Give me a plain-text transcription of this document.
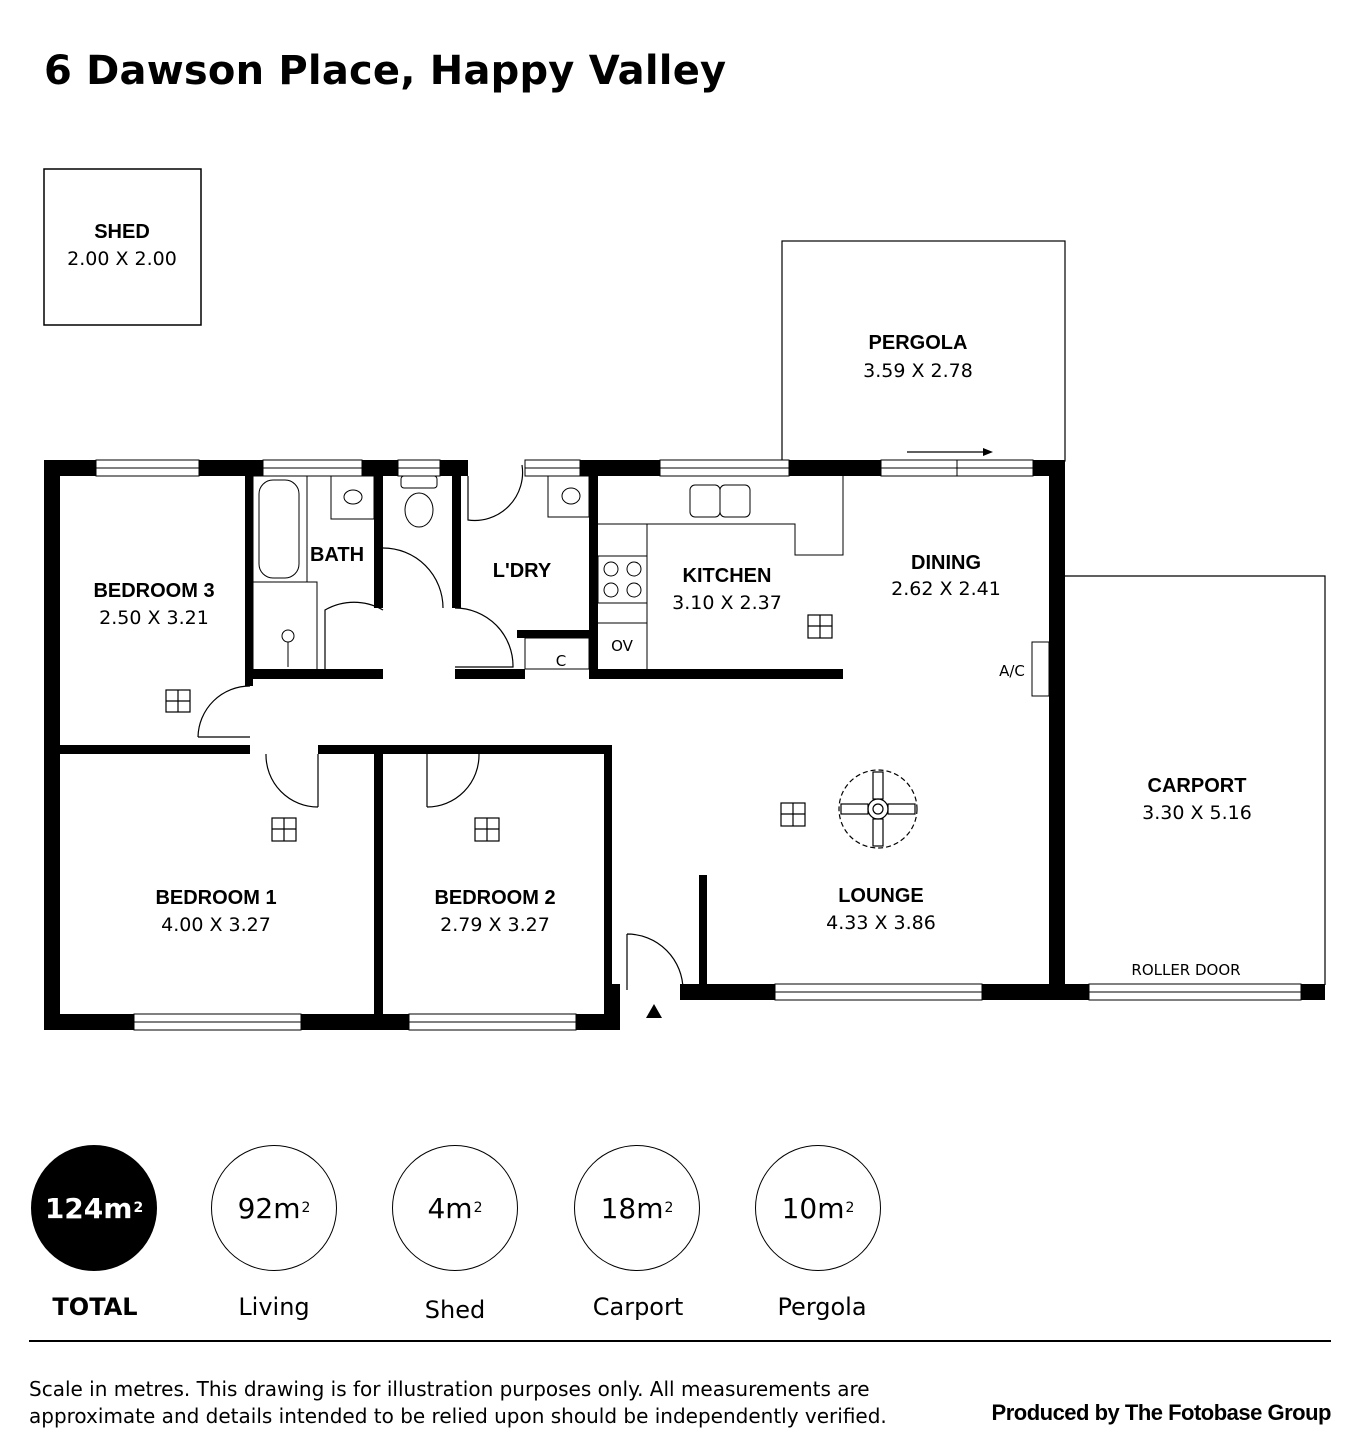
6 Dawson Place, Happy Valley
SHED
2.00 X 2.00
PERGOLA
3.59 X 2.78
BEDROOM 3
2.50 X 3.21
BATH
L'DRY	KITCHEN
3.10 X 2.37
DINING
2.62 X 2.41
CARPORT
3.30 X 5.16
BEDROOM 1
4.00 X 3.27
BEDROOM 2
2.79 X 3.27
LOUNGE
4.33 X 3.86
OV
C
A/C
ROLLER DOOR
124m 2
TOTAL
92m 2
Living
4m 2
Shed
18m 2
Carport
10m 2
Pergola
Scale in metres. This drawing is for illustration purposes only. All measurements are
approximate and details intended to be relied upon should be independently verified.	Produced by The Fotobase Group
